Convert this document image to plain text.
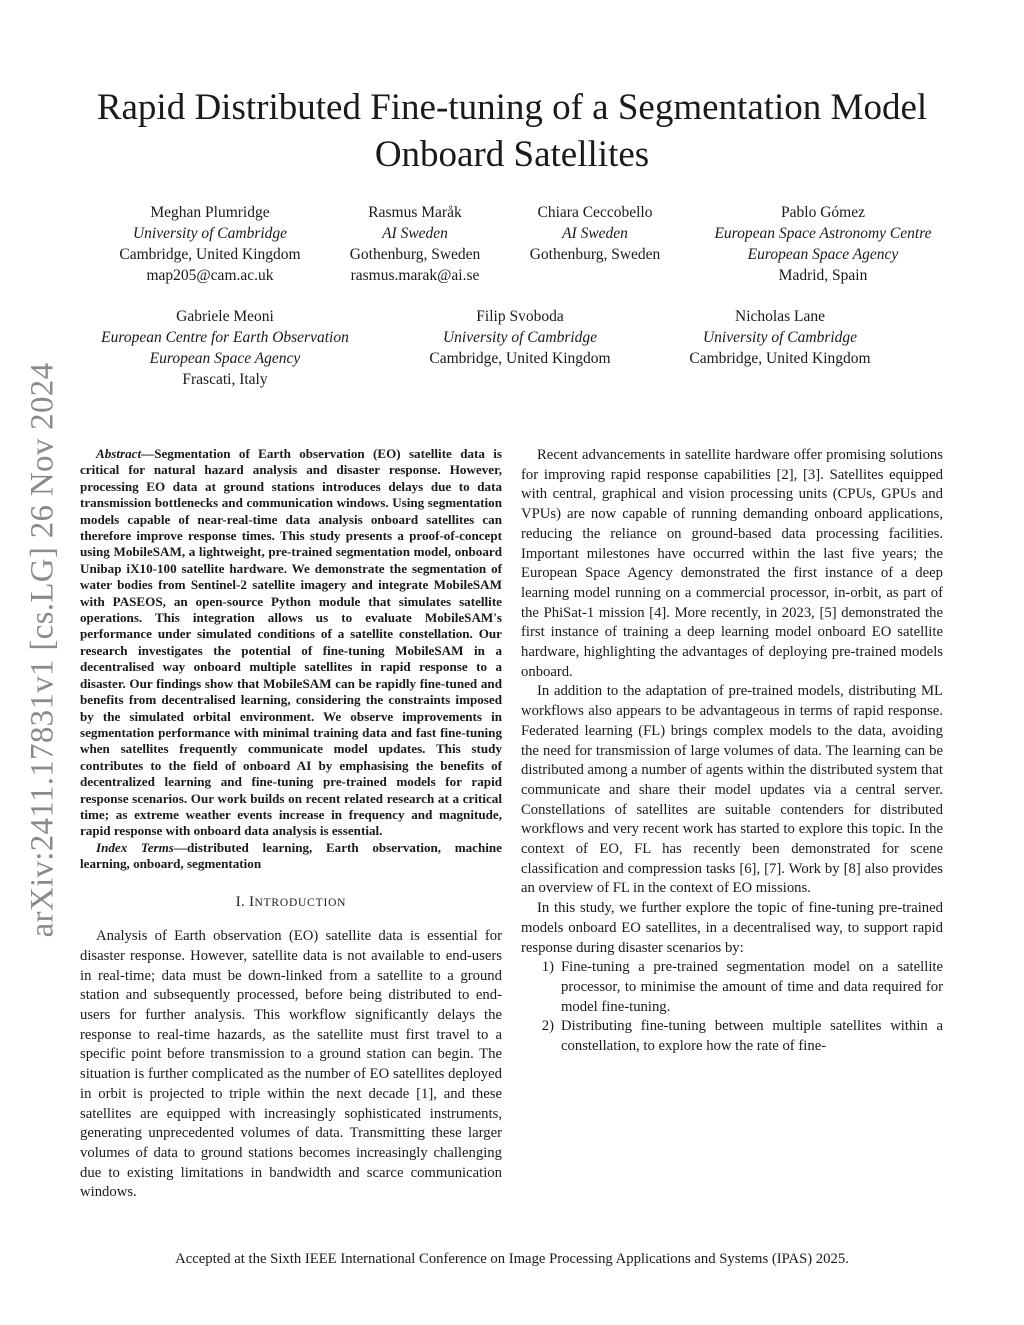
Rapid Distributed Fine-tuning of a Segmentation Model Onboard Satellites
Meghan Plumridge
University of Cambridge
Cambridge, United Kingdom
map205@cam.ac.uk
Rasmus Maråk
AI Sweden
Gothenburg, Sweden
rasmus.marak@ai.se
Chiara Ceccobello
AI Sweden
Gothenburg, Sweden
Pablo Gómez
European Space Astronomy Centre
European Space Agency
Madrid, Spain
Gabriele Meoni
European Centre for Earth Observation
European Space Agency
Frascati, Italy
Filip Svoboda
University of Cambridge
Cambridge, United Kingdom
Nicholas Lane
University of Cambridge
Cambridge, United Kingdom
arXiv:2411.17831v1 [cs.LG] 26 Nov 2024	Abstract—Segmentation of Earth observation (EO) satellite data is critical for natural hazard analysis and disaster response. However, processing EO data at ground stations introduces delays due to data transmission bottlenecks and communication windows. Using segmentation models capable of near-real-time data analysis onboard satellites can therefore improve response times. This study presents a proof-of-concept using MobileSAM, a lightweight, pre-trained segmentation model, onboard Unibap iX10-100 satellite hardware. We demonstrate the segmentation of water bodies from Sentinel-2 satellite imagery and integrate MobileSAM with PASEOS, an open-source Python module that simulates satellite operations. This integration allows us to evaluate MobileSAM's performance under simulated conditions of a satellite constellation. Our research investigates the potential of fine-tuning MobileSAM in a decentralised way onboard multiple satellites in rapid response to a disaster. Our findings show that MobileSAM can be rapidly fine-tuned and benefits from decentralised learning, considering the constraints imposed by the simulated orbital environment. We observe improvements in segmentation performance with minimal training data and fast fine-tuning when satellites frequently communicate model updates. This study contributes to the field of onboard AI by emphasising the benefits of decentralized learning and fine-tuning pre-trained models for rapid response scenarios. Our work builds on recent related research at a critical time; as extreme weather events increase in frequency and magnitude, rapid response with onboard data analysis is essential.

Index Terms—distributed learning, Earth observation, machine learning, onboard, segmentation

I. INTRODUCTION

Analysis of Earth observation (EO) satellite data is essential for disaster response. However, satellite data is not available to end-users in real-time; data must be down-linked from a satellite to a ground station and subsequently processed, before being distributed to end-users for further analysis. This workflow significantly delays the response to real-time hazards, as the satellite must first travel to a specific point before transmission to a ground station can begin. The situation is further complicated as the number of EO satellites deployed in orbit is projected to triple within the next decade [1], and these satellites are equipped with increasingly sophisticated instruments, generating unprecedented volumes of data. Transmitting these larger volumes of data to ground stations becomes increasingly challenging due to existing limitations in bandwidth and scarce communication windows.

Recent advancements in satellite hardware offer promising solutions for improving rapid response capabilities [2], [3]. Satellites equipped with central, graphical and vision processing units (CPUs, GPUs and VPUs) are now capable of running demanding onboard applications, reducing the reliance on ground-based data processing facilities. Important milestones have occurred within the last five years; the European Space Agency demonstrated the first instance of a deep learning model running on a commercial processor, in-orbit, as part of the PhiSat-1 mission [4]. More recently, in 2023, [5] demonstrated the first instance of training a deep learning model onboard EO satellite hardware, highlighting the advantages of deploying pre-trained models onboard.

In addition to the adaptation of pre-trained models, distributing ML workflows also appears to be advantageous in terms of rapid response. Federated learning (FL) brings complex models to the data, avoiding the need for transmission of large volumes of data. The learning can be distributed among a number of agents within the distributed system that communicate and share their model updates via a central server. Constellations of satellites are suitable contenders for distributed workflows and very recent work has started to explore this topic. In the context of EO, FL has recently been demonstrated for scene classification and compression tasks [6], [7]. Work by [8] also provides an overview of FL in the context of EO missions.

In this study, we further explore the topic of fine-tuning pre-trained models onboard EO satellites, in a decentralised way, to support rapid response during disaster scenarios by:

1) Fine-tuning a pre-trained segmentation model on a satellite processor, to minimise the amount of time and data required for model fine-tuning.
2) Distributing fine-tuning between multiple satellites within a constellation, to explore how the rate of fine-
Accepted at the Sixth IEEE International Conference on Image Processing Applications and Systems (IPAS) 2025.
